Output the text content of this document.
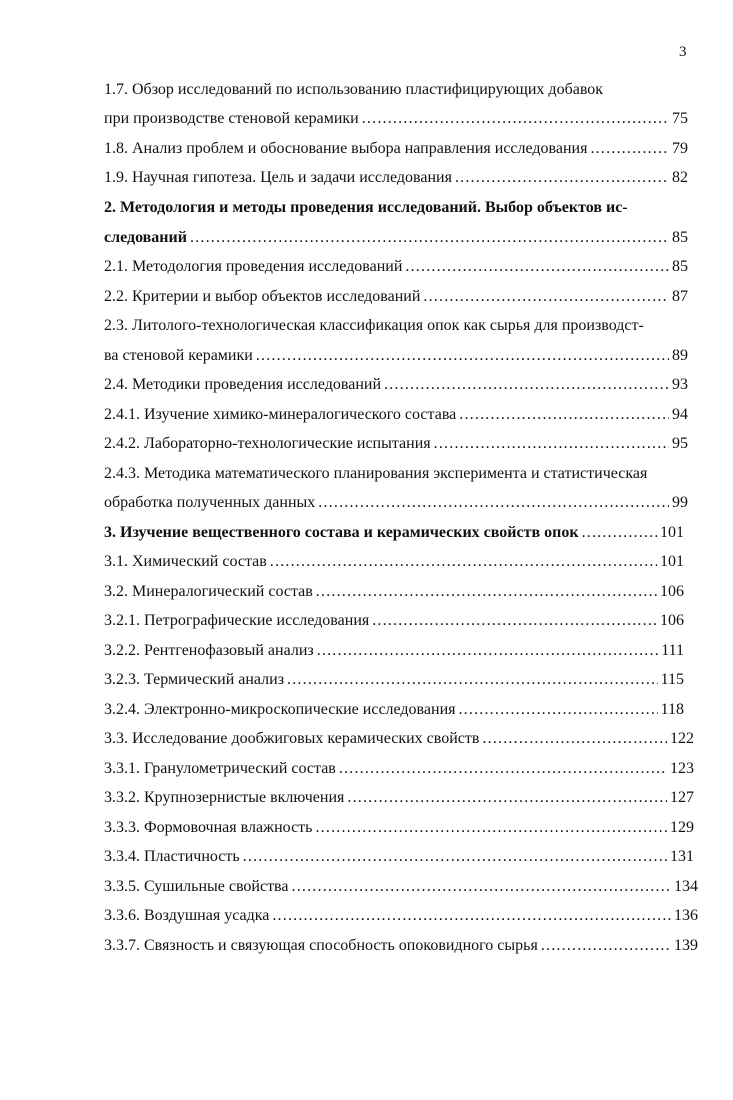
3
1.7. Обзор исследований по использованию пластифицирующих добавок
при производстве стеновой керамики .....	75
1.8. Анализ проблем и обоснование выбора направления исследования .....	79
1.9. Научная гипотеза. Цель и задачи исследования .....	82
2. Методология и методы проведения исследований. Выбор объектов ис-
следований .....	85
2.1. Методология проведения исследований .....	85
2.2. Критерии и выбор объектов исследований .....	87
2.3. Литолого-технологическая классификация опок как сырья для производст-
ва стеновой керамики .....	89
2.4. Методики проведения исследований .....	93
2.4.1. Изучение химико-минералогического состава .....	94
2.4.2. Лабораторно-технологические испытания .....	95
2.4.3. Методика математического планирования эксперимента и статистическая
обработка полученных данных .....	99
3. Изучение вещественного состава и керамических свойств опок .....	101
3.1. Химический состав .....	101
3.2. Минералогический состав .....	106
3.2.1. Петрографические исследования .....	106
3.2.2. Рентгенофазовый анализ .....	111
3.2.3. Термический анализ .....	115
3.2.4. Электронно-микроскопические исследования .....	118
3.3. Исследование дообжиговых керамических свойств .....	122
3.3.1. Гранулометрический состав .....	123
3.3.2. Крупнозернистые включения .....	127
3.3.3. Формовочная влажность .....	129
3.3.4. Пластичность .....	131
3.3.5. Сушильные свойства .....	134
3.3.6. Воздушная усадка .....	136
3.3.7. Связность и связующая способность опоковидного сырья .....	139
